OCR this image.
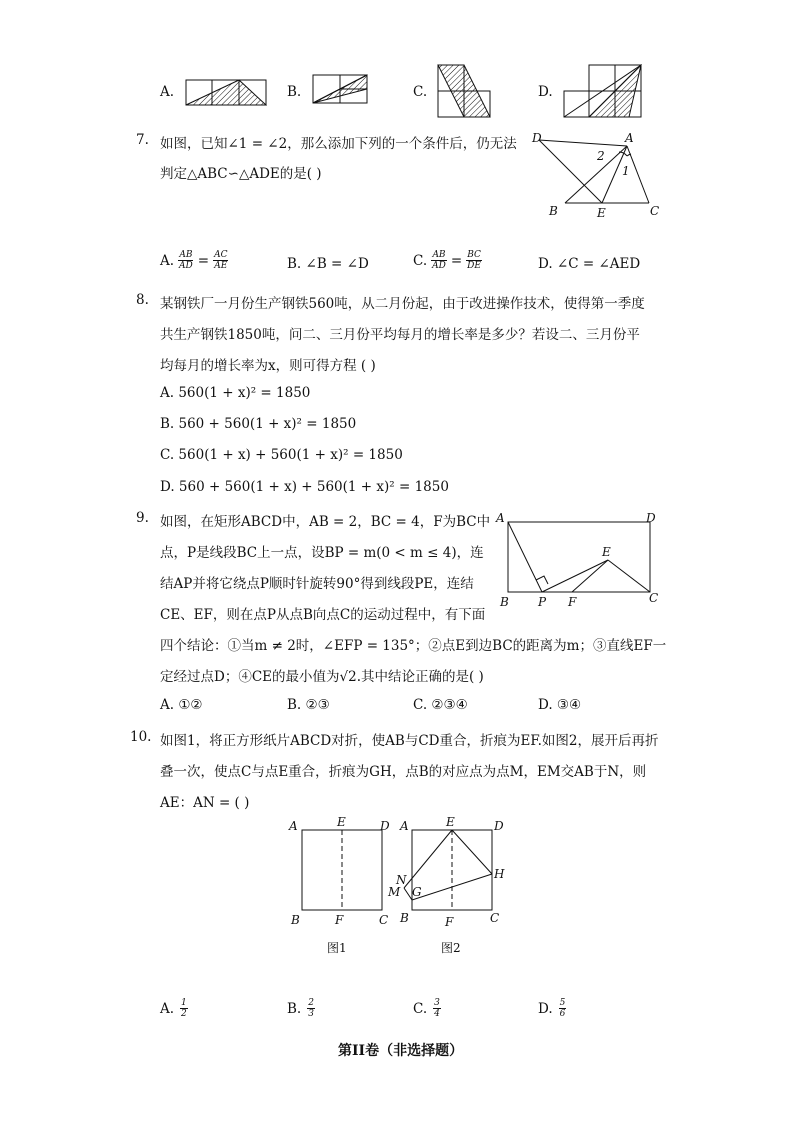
A.	B.	C.	D.
7. 如图，已知∠1 = ∠2，那么添加下列的一个条件后，仍无法
判定△ABC∽△ADE的是( )
D	A
2
1
B	E	C
A. $\frac{AB}{AD} = \frac{AC}{AE}$	B. ∠B = ∠D	C. $\frac{AB}{AD} = \frac{BC}{DE}$	D. ∠C = ∠AED
8. 某钢铁厂一月份生产钢铁560吨，从二月份起，由于改进操作技术，使得第一季度
共生产钢铁1850吨，问二、三月份平均每月的增长率是多少？若设二、三月份平
均每月的增长率为x，则可得方程 ( )
A. 560(1 + x)² = 1850
B. 560 + 560(1 + x)² = 1850
C. 560(1 + x) + 560(1 + x)² = 1850
D. 560 + 560(1 + x) + 560(1 + x)² = 1850
9. 如图，在矩形ABCD中，AB = 2，BC = 4，F为BC中
点，P是线段BC上一点，设BP = m(0 < m ≤ 4)，连
结AP并将它绕点P顺时针旋转90°得到线段PE，连结
CE、EF，则在点P从点B向点C的运动过程中，有下面
四个结论：①当m ≠ 2时，∠EFP = 135°；②点E到边BC的距离为m；③直线EF一
定经过点D；④CE的最小值为√2.其中结论正确的是( )
A	D
E
B P F	C
A. ①②	B. ②③	C. ②③④	D. ③④
10. 如图1，将正方形纸片ABCD对折，使AB与CD重合，折痕为EF.如图2，展开后再折
叠一次，使点C与点E重合，折痕为GH，点B的对应点为点M，EM交AB于N，则
AE：AN = ( )
A	E	D
B	F	C
图1
A	E	D
N
M G
H
B	F	C
图2
A. $\frac{1}{2}$	B. $\frac{2}{3}$	C. $\frac{3}{4}$	D. $\frac{5}{6}$
第II卷（非选择题）
